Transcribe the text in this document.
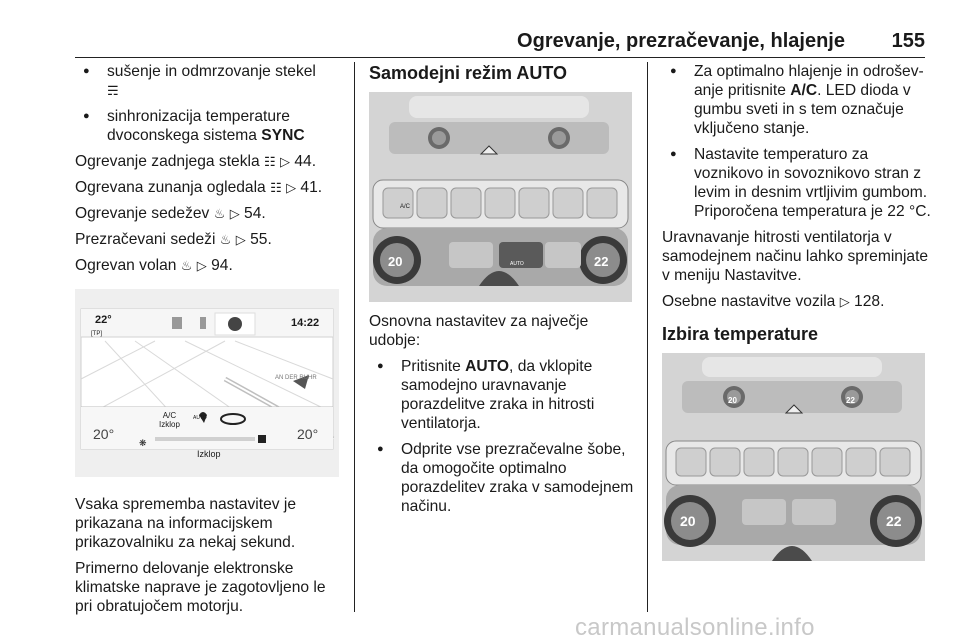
Ogrevanje, prezračevanje, hlajenje 155
● sušenje in odmrzovanje stekel
☴
● sinhronizacija temperature dvoconskega sistema SYNC
Ogrevanje zadnjega stekla ☷ ▷ 44.
Ogrevana zunanja ogledala ☷ ▷ 41.
Ogrevanje sedežev ♨ ▷ 54.
Prezračevani sedeži ♨ ▷ 55.
Ogrevan volan ♨ ▷ 94.
22°
[TP]
14:22
AN DER RUHR
A/C
Izklop
AUTO
20°	20°
❋
Izklop
Vsaka sprememba nastavitev je prikazana na informacijskem prikazovalniku za nekaj sekund.
Primerno delovanje elektronske klimatske naprave je zagotovljeno le pri obratujočem motorju.
Samodejni režim AUTO
20	22
A/C
AUTO
Osnovna nastavitev za največje udobje:
● Pritisnite AUTO, da vklopite samodejno uravnavanje porazdelitve zraka in hitrosti ventilatorja.
● Odprite vse prezračevalne šobe, da omogočite optimalno porazdelitev zraka v samodejnem načinu.
● Za optimalno hlajenje in odroševanje pritisnite A/C. LED dioda v gumbu sveti in s tem označuje vključeno stanje.
● Nastavite temperaturo za voznikovo in sovoznikovo stran z levim in desnim vrtljivim gumbom. Priporočena temperatura je 22 °C.
Uravnavanje hitrosti ventilatorja v samodejnem načinu lahko spreminjate v meniju Nastavitve.
Osebne nastavitve vozila ▷ 128.
Izbira temperature
20	22
20	22
carmanualsonline.info
